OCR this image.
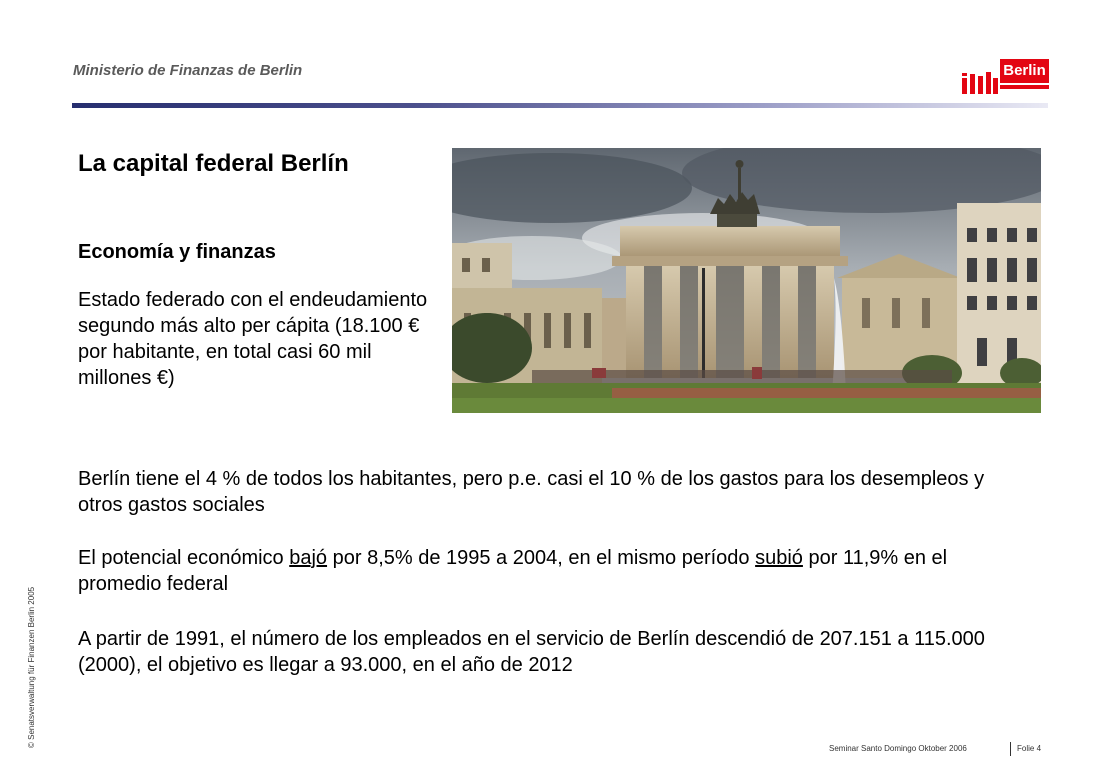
Ministerio de Finanzas de Berlin	Berlin
La capital federal Berlín
Economía y finanzas

Estado federado con el endeudamiento segundo más alto per cápita (18.100 € por habitante, en total casi 60 mil millones €)

Berlín tiene el 4 % de todos los habitantes, pero p.e. casi el 10 % de los gastos para los desempleos y otros gastos sociales

El potencial económico bajó por 8,5% de 1995 a 2004, en el mismo período subió por 11,9% en el promedio federal

A partir de 1991, el número de los empleados en el servicio de Berlín descendió de 207.151 a 115.000 (2000), el objetivo es llegar a 93.000, en el año de 2012

© Senatsverwaltung für Finanzen Berlin 2005
Seminar Santo Domingo Oktober 2006	Folie 4
